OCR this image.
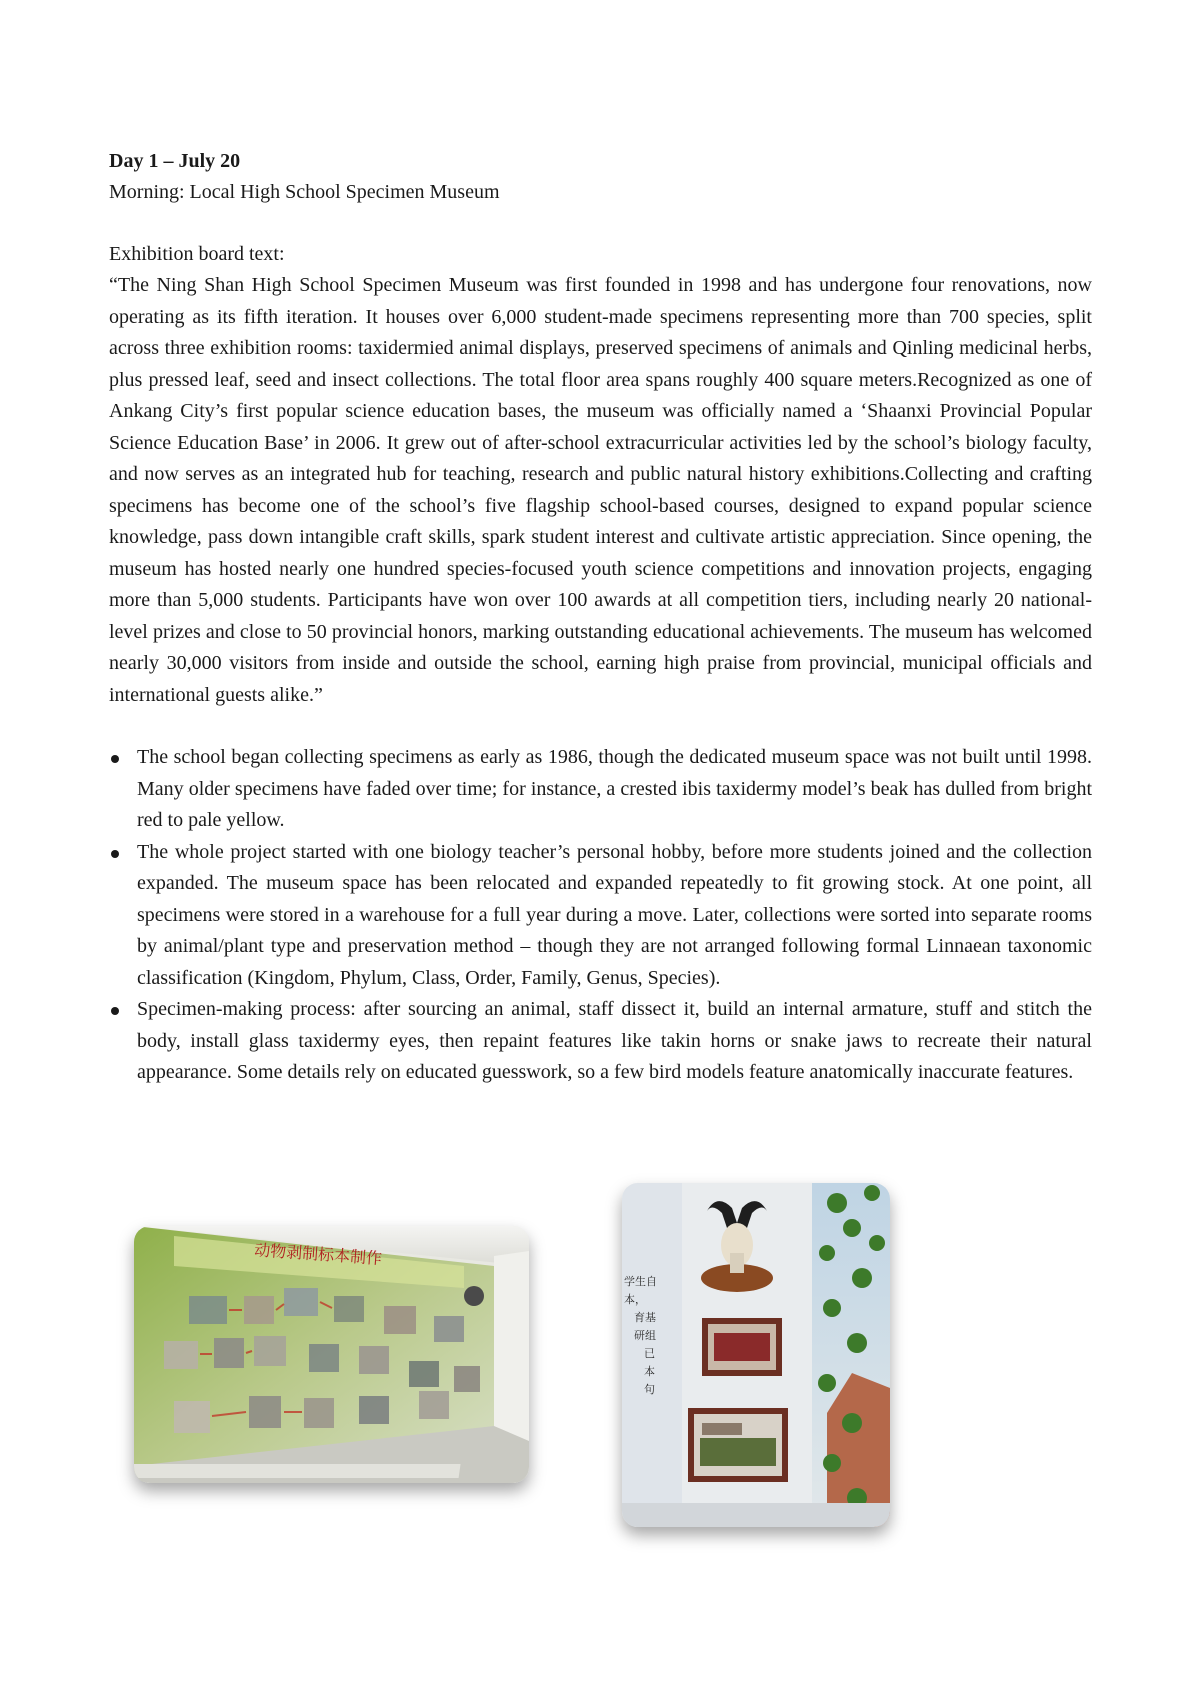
Day 1 – July 20

Morning: Local High School Specimen Museum

Exhibition board text:

“The Ning Shan High School Specimen Museum was first founded in 1998 and has undergone four renovations, now operating as its fifth iteration. It houses over 6,000 student-made specimens representing more than 700 species, split across three exhibition rooms: taxidermied animal displays, preserved specimens of animals and Qinling medicinal herbs, plus pressed leaf, seed and insect collections. The total floor area spans roughly 400 square meters.Recognized as one of Ankang City’s first popular science education bases, the museum was officially named a ‘Shaanxi Provincial Popular Science Education Base’ in 2006. It grew out of after-school extracurricular activities led by the school’s biology faculty, and now serves as an integrated hub for teaching, research and public natural history exhibitions.Collecting and crafting specimens has become one of the school’s five flagship school-based courses, designed to expand popular science knowledge, pass down intangible craft skills, spark student interest and cultivate artistic appreciation. Since opening, the museum has hosted nearly one hundred species-focused youth science competitions and innovation projects, engaging more than 5,000 students. Participants have won over 100 awards at all competition tiers, including nearly 20 national-level prizes and close to 50 provincial honors, marking outstanding educational achievements. The museum has welcomed nearly 30,000 visitors from inside and outside the school, earning high praise from provincial, municipal officials and international guests alike.”

The school began collecting specimens as early as 1986, though the dedicated museum space was not built until 1998. Many older specimens have faded over time; for instance, a crested ibis taxidermy model’s beak has dulled from bright red to pale yellow.
The whole project started with one biology teacher’s personal hobby, before more students joined and the collection expanded. The museum space has been relocated and expanded repeatedly to fit growing stock. At one point, all specimens were stored in a warehouse for a full year during a move. Later, collections were sorted into separate rooms by animal/plant type and preservation method – though they are not arranged following formal Linnaean taxonomic classification (Kingdom, Phylum, Class, Order, Family, Genus, Species).
Specimen-making process: after sourcing an animal, staff dissect it, build an internal armature, stuff and stitch the body, install glass taxidermy eyes, then repaint features like takin horns or snake jaws to recreate their natural appearance. Some details rely on educated guesswork, so a few bird models feature anatomically inaccurate features.
动物剥制标本制作
学生自
本，
育基
研组
已
本
句
